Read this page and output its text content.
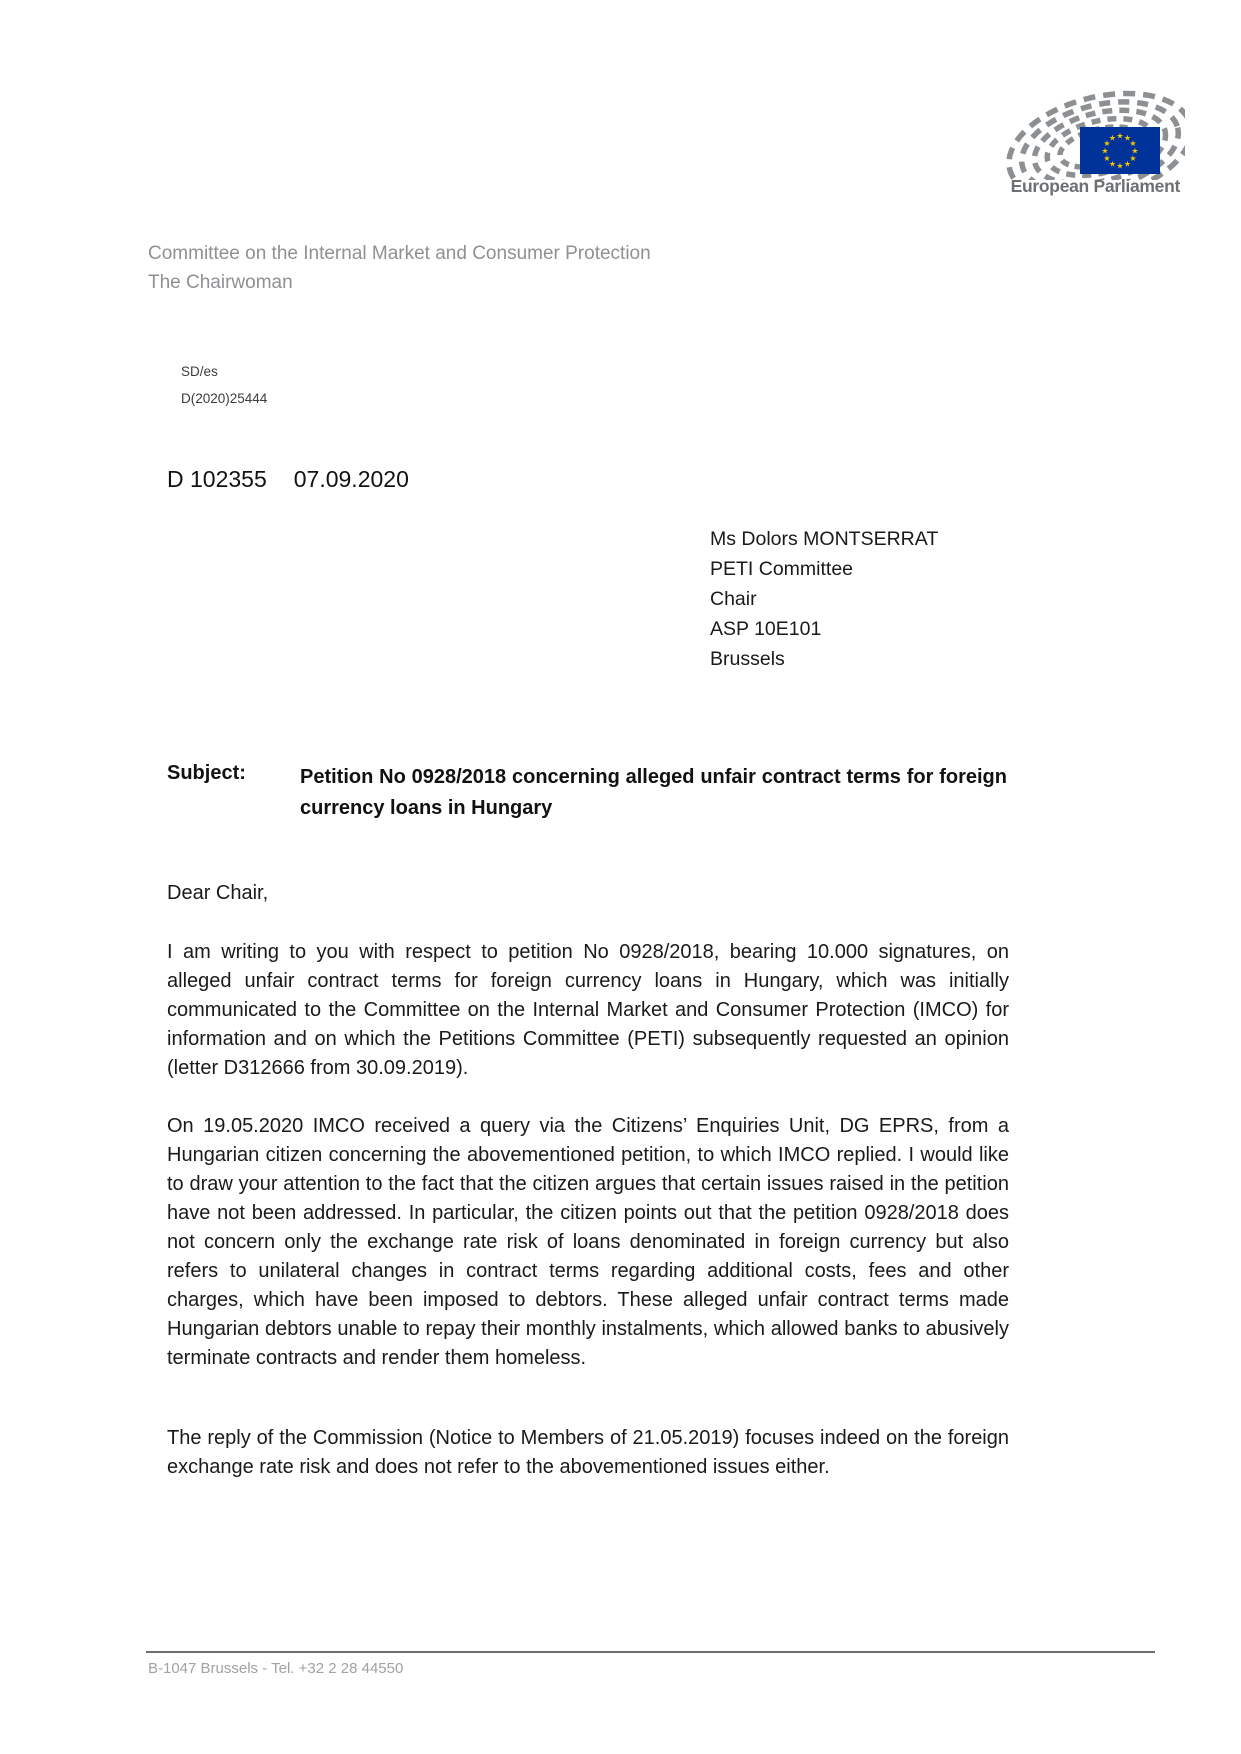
★
★
★
★
★
★
★
★
★ ★ ★
★
European Parliament
Committee on the Internal Market and Consumer Protection
The Chairwoman
SD/es
D(2020)25444
D 102355 07.09.2020
Ms Dolors MONTSERRAT
PETI Committee
Chair
ASP 10E101
Brussels
Subject:	Petition No 0928/2018 concerning alleged unfair contract terms for foreign currency loans in Hungary
Dear Chair,
I am writing to you with respect to petition No 0928/2018, bearing 10.000 signatures, on alleged unfair contract terms for foreign currency loans in Hungary, which was initially communicated to the Committee on the Internal Market and Consumer Protection (IMCO) for information and on which the Petitions Committee (PETI) subsequently requested an opinion (letter D312666 from 30.09.2019).
On 19.05.2020 IMCO received a query via the Citizens’ Enquiries Unit, DG EPRS, from a Hungarian citizen concerning the abovementioned petition, to which IMCO replied. I would like to draw your attention to the fact that the citizen argues that certain issues raised in the petition have not been addressed. In particular, the citizen points out that the petition 0928/2018 does not concern only the exchange rate risk of loans denominated in foreign currency but also refers to unilateral changes in contract terms regarding additional costs, fees and other charges, which have been imposed to debtors. These alleged unfair contract terms made Hungarian debtors unable to repay their monthly instalments, which allowed banks to abusively terminate contracts and render them homeless.
The reply of the Commission (Notice to Members of 21.05.2019) focuses indeed on the foreign exchange rate risk and does not refer to the abovementioned issues either.
B-1047 Brussels - Tel. +32 2 28 44550
